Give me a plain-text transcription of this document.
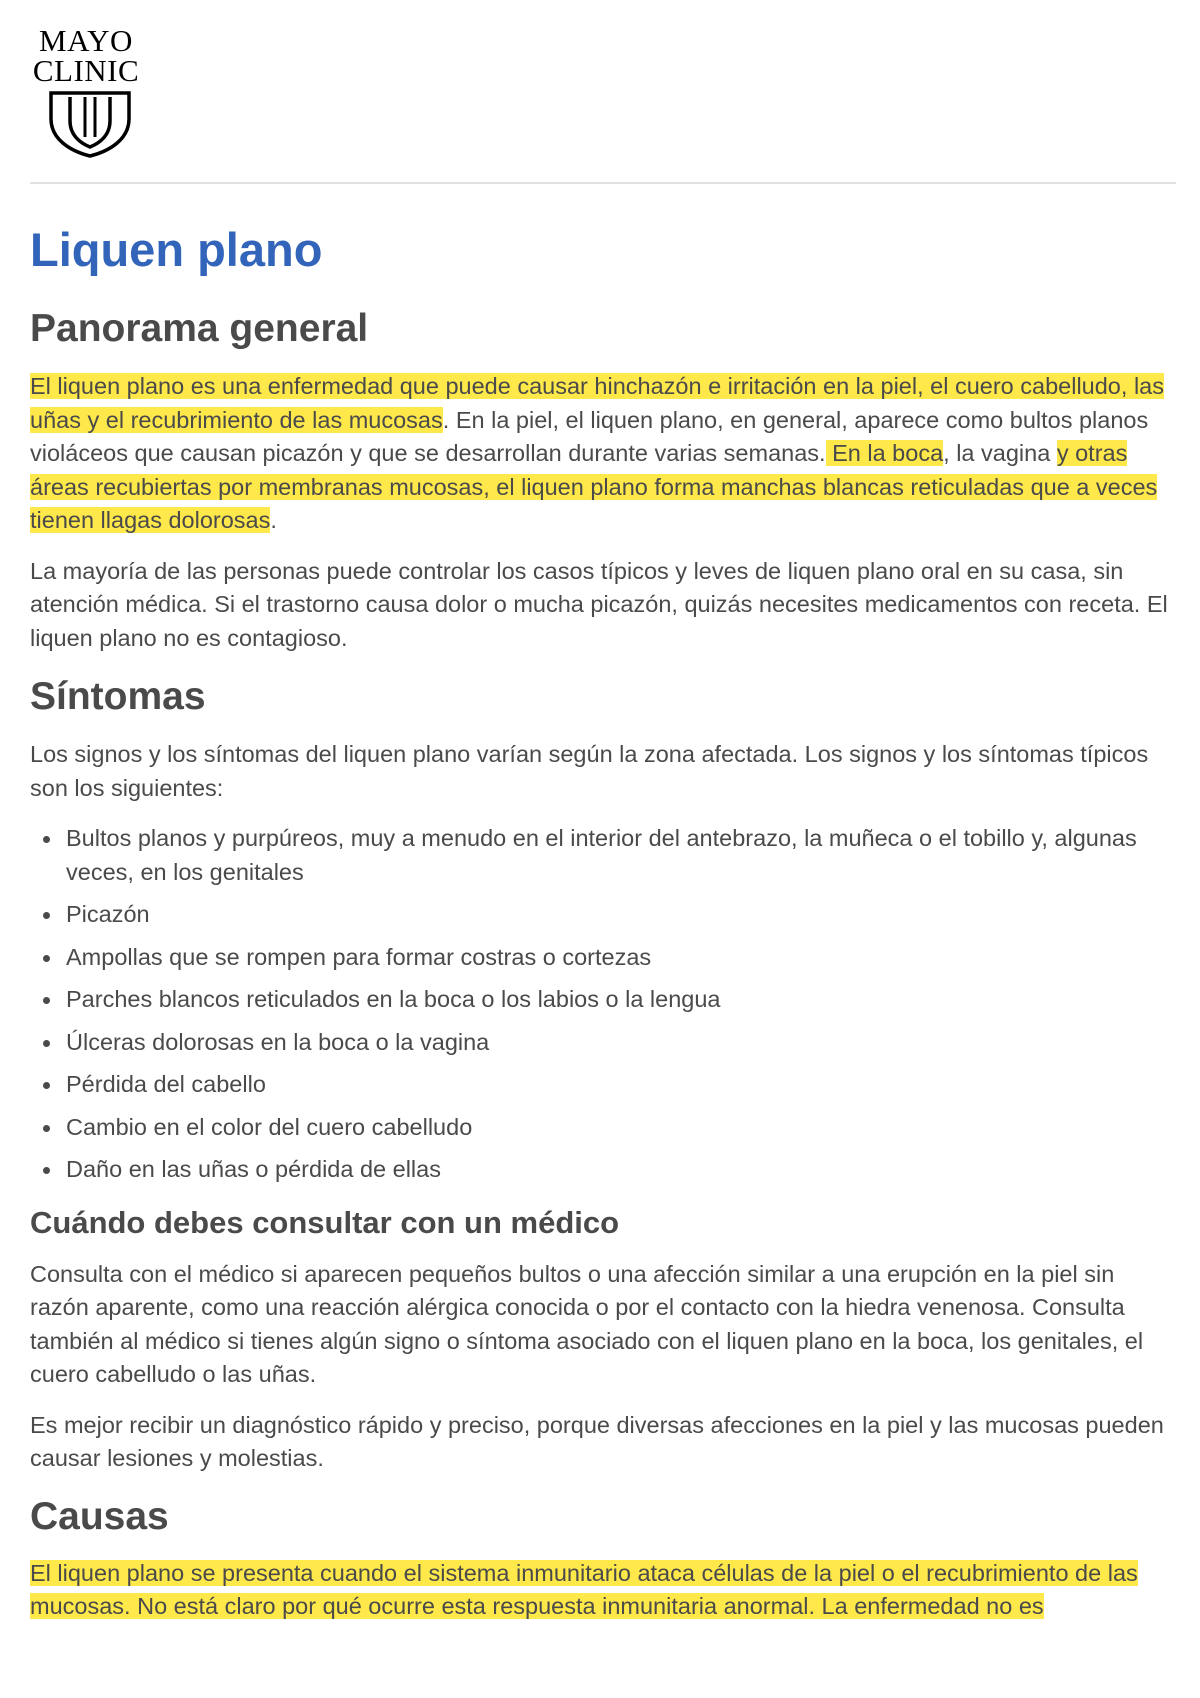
MAYO
CLINIC
Liquen plano
Panorama general

El liquen plano es una enfermedad que puede causar hinchazón e irritación en la piel, el cuero cabelludo, las uñas y el recubrimiento de las mucosas. En la piel, el liquen plano, en general, aparece como bultos planos violáceos que causan picazón y que se desarrollan durante varias semanas. En la boca, la vagina y otras áreas recubiertas por membranas mucosas, el liquen plano forma manchas blancas reticuladas que a veces tienen llagas dolorosas.

La mayoría de las personas puede controlar los casos típicos y leves de liquen plano oral en su casa, sin atención médica. Si el trastorno causa dolor o mucha picazón, quizás necesites medicamentos con receta. El liquen plano no es contagioso.

Síntomas

Los signos y los síntomas del liquen plano varían según la zona afectada. Los signos y los síntomas típicos son los siguientes:

Bultos planos y purpúreos, muy a menudo en el interior del antebrazo, la muñeca o el tobillo y, algunas veces, en los genitales
Picazón
Ampollas que se rompen para formar costras o cortezas
Parches blancos reticulados en la boca o los labios o la lengua
Úlceras dolorosas en la boca o la vagina
Pérdida del cabello
Cambio en el color del cuero cabelludo
Daño en las uñas o pérdida de ellas
Cuándo debes consultar con un médico

Consulta con el médico si aparecen pequeños bultos o una afección similar a una erupción en la piel sin razón aparente, como una reacción alérgica conocida o por el contacto con la hiedra venenosa. Consulta también al médico si tienes algún signo o síntoma asociado con el liquen plano en la boca, los genitales, el cuero cabelludo o las uñas.

Es mejor recibir un diagnóstico rápido y preciso, porque diversas afecciones en la piel y las mucosas pueden causar lesiones y molestias.

Causas

El liquen plano se presenta cuando el sistema inmunitario ataca células de la piel o el recubrimiento de las mucosas. No está claro por qué ocurre esta respuesta inmunitaria anormal. La enfermedad no es
